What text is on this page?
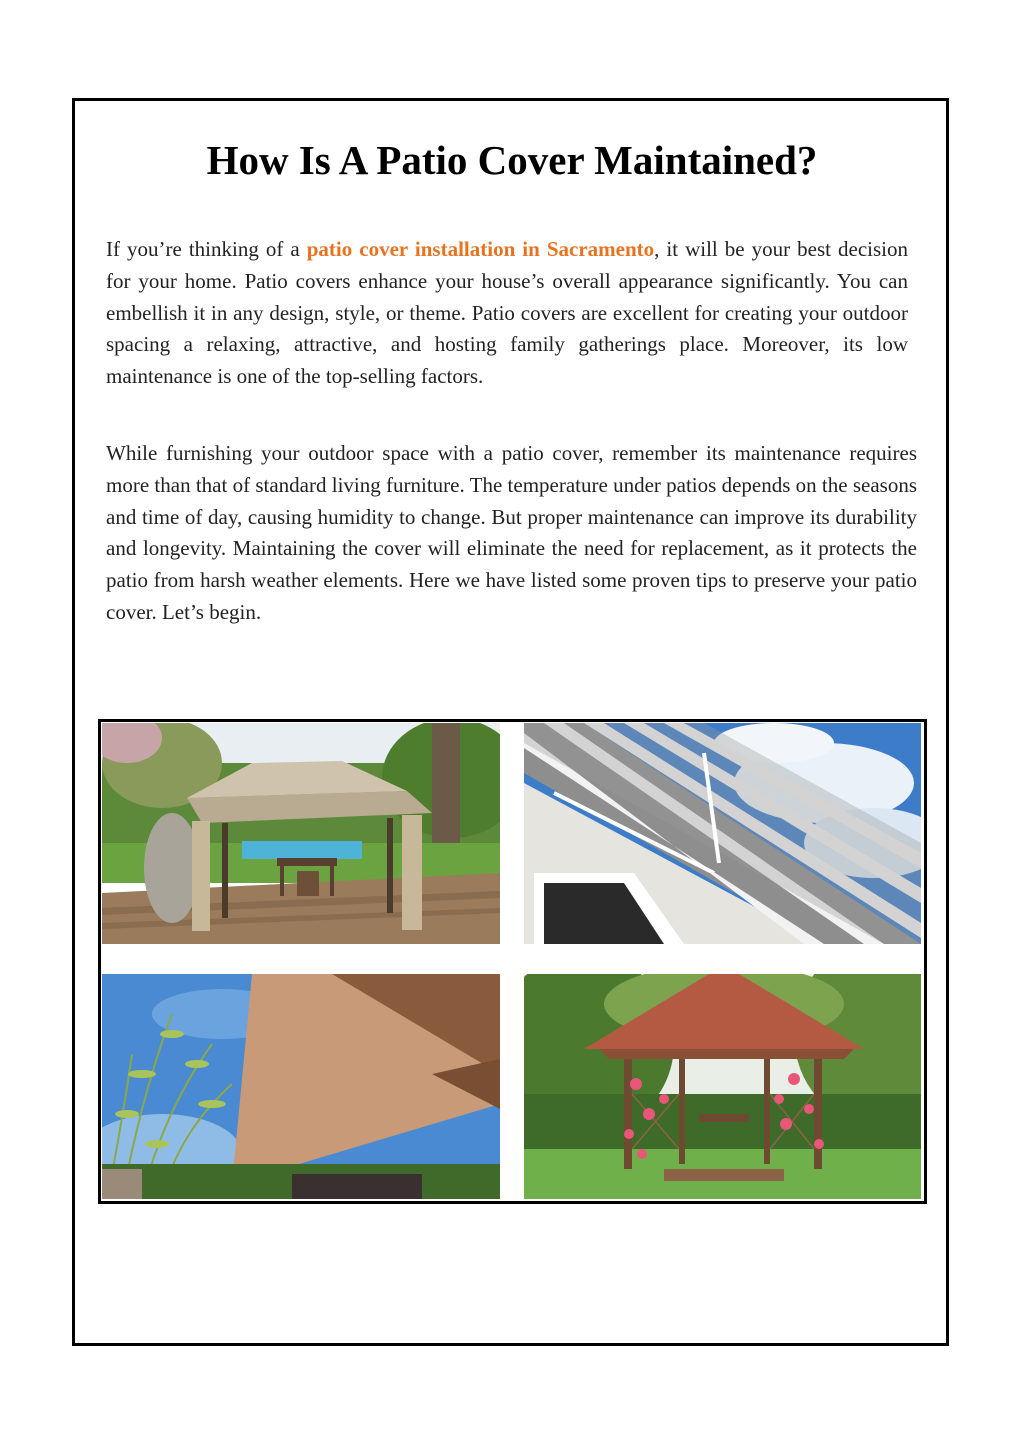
How Is A Patio Cover Maintained?

If you’re thinking of a patio cover installation in Sacramento, it will be your best decision for your home. Patio covers enhance your house’s overall appearance significantly. You can embellish it in any design, style, or theme. Patio covers are excellent for creating your outdoor spacing a relaxing, attractive, and hosting family gatherings place. Moreover, its low maintenance is one of the top-selling factors.

While furnishing your outdoor space with a patio cover, remember its maintenance requires more than that of standard living furniture. The temperature under patios depends on the seasons and time of day, causing humidity to change. But proper maintenance can improve its durability and longevity. Maintaining the cover will eliminate the need for replacement, as it protects the patio from harsh weather elements. Here we have listed some proven tips to preserve your patio cover. Let’s begin.
